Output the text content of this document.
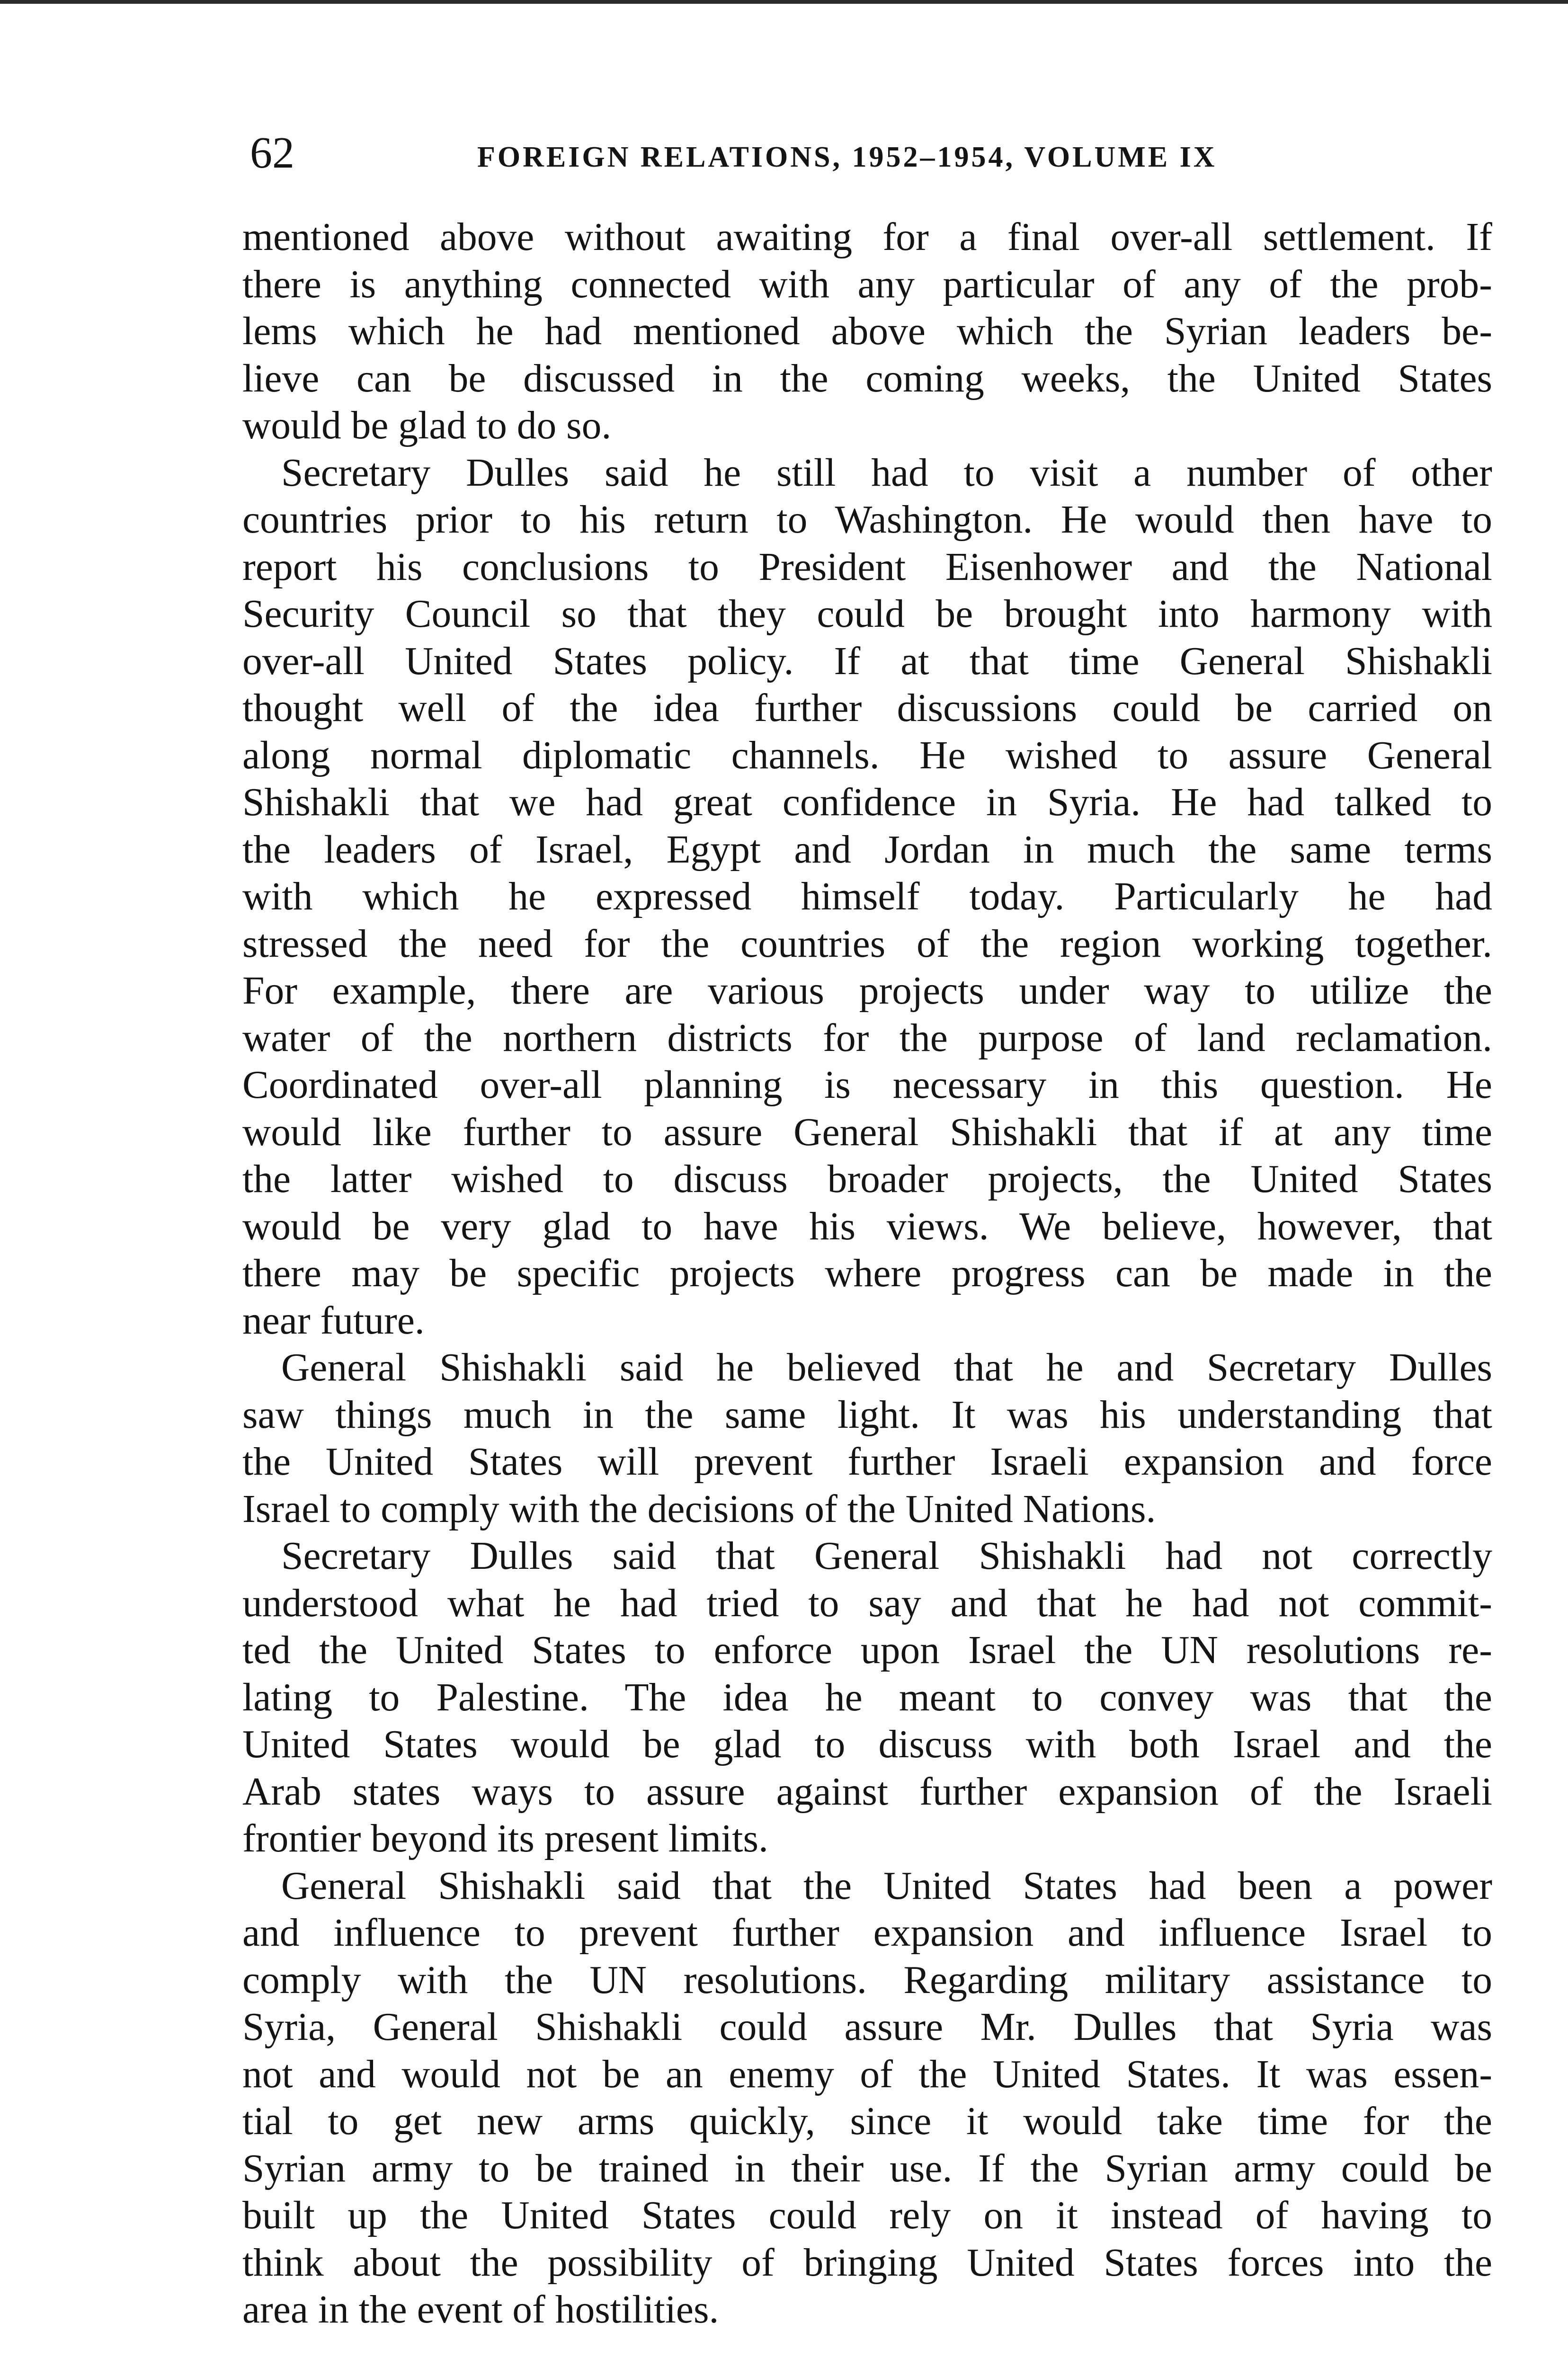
62	FOREIGN RELATIONS, 1952–1954, VOLUME IX

mentioned above without awaiting for a final over-all settlement. If
there is anything connected with any particular of any of the prob-
lems which he had mentioned above which the Syrian leaders be-
lieve can be discussed in the coming weeks, the United States
would be glad to do so.

Secretary Dulles said he still had to visit a number of other
countries prior to his return to Washington. He would then have to
report his conclusions to President Eisenhower and the National
Security Council so that they could be brought into harmony with
over-all United States policy. If at that time General Shishakli
thought well of the idea further discussions could be carried on
along normal diplomatic channels. He wished to assure General
Shishakli that we had great confidence in Syria. He had talked to
the leaders of Israel, Egypt and Jordan in much the same terms
with which he expressed himself today. Particularly he had
stressed the need for the countries of the region working together.
For example, there are various projects under way to utilize the
water of the northern districts for the purpose of land reclamation.
Coordinated over-all planning is necessary in this question. He
would like further to assure General Shishakli that if at any time
the latter wished to discuss broader projects, the United States
would be very glad to have his views. We believe, however, that
there may be specific projects where progress can be made in the
near future.

General Shishakli said he believed that he and Secretary Dulles
saw things much in the same light. It was his understanding that
the United States will prevent further Israeli expansion and force
Israel to comply with the decisions of the United Nations.

Secretary Dulles said that General Shishakli had not correctly
understood what he had tried to say and that he had not commit-
ted the United States to enforce upon Israel the UN resolutions re-
lating to Palestine. The idea he meant to convey was that the
United States would be glad to discuss with both Israel and the
Arab states ways to assure against further expansion of the Israeli
frontier beyond its present limits.

General Shishakli said that the United States had been a power
and influence to prevent further expansion and influence Israel to
comply with the UN resolutions. Regarding military assistance to
Syria, General Shishakli could assure Mr. Dulles that Syria was
not and would not be an enemy of the United States. It was essen-
tial to get new arms quickly, since it would take time for the
Syrian army to be trained in their use. If the Syrian army could be
built up the United States could rely on it instead of having to
think about the possibility of bringing United States forces into the
area in the event of hostilities.
